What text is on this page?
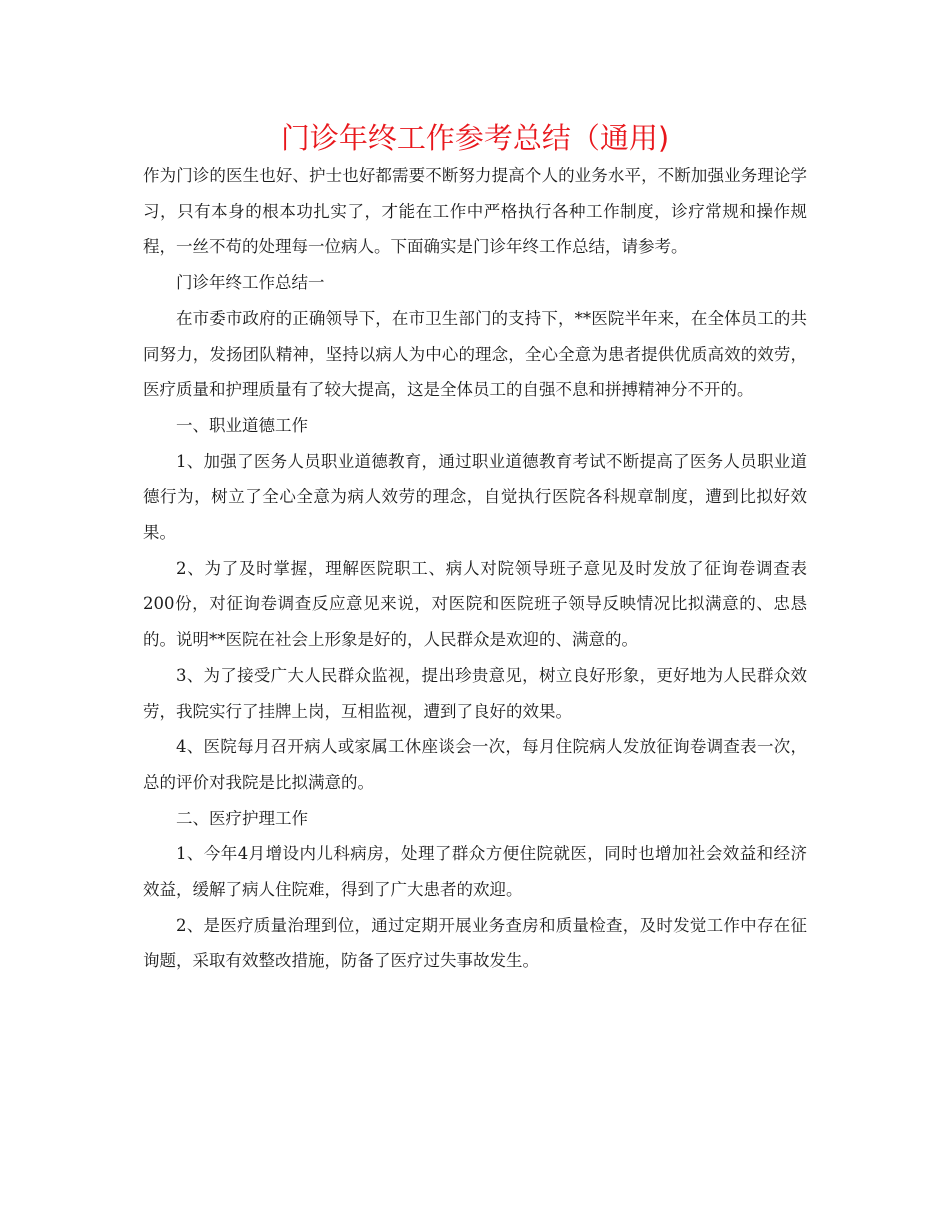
门诊年终工作参考总结（通用)

作为门诊的医生也好、护士也好都需要不断努力提高个人的业务水平，不断加强业务理论学习，只有本身的根本功扎实了，才能在工作中严格执行各种工作制度，诊疗常规和操作规程，一丝不苟的处理每一位病人。下面确实是门诊年终工作总结，请参考。

门诊年终工作总结一

在市委市政府的正确领导下，在市卫生部门的支持下，**医院半年来，在全体员工的共同努力，发扬团队精神，坚持以病人为中心的理念，全心全意为患者提供优质高效的效劳，医疗质量和护理质量有了较大提高，这是全体员工的自强不息和拼搏精神分不开的。

一、职业道德工作

1、加强了医务人员职业道德教育，通过职业道德教育考试不断提高了医务人员职业道德行为，树立了全心全意为病人效劳的理念，自觉执行医院各科规章制度，遭到比拟好效果。

2、为了及时掌握，理解医院职工、病人对院领导班子意见及时发放了征询卷调查表200份，对征询卷调查反应意见来说，对医院和医院班子领导反映情况比拟满意的、忠恳的。说明**医院在社会上形象是好的，人民群众是欢迎的、满意的。

3、为了接受广大人民群众监视，提出珍贵意见，树立良好形象，更好地为人民群众效劳，我院实行了挂牌上岗，互相监视，遭到了良好的效果。

4、医院每月召开病人或家属工休座谈会一次，每月住院病人发放征询卷调查表一次，总的评价对我院是比拟满意的。

二、医疗护理工作

1、今年4月增设内儿科病房，处理了群众方便住院就医，同时也增加社会效益和经济效益，缓解了病人住院难，得到了广大患者的欢迎。

2、是医疗质量治理到位，通过定期开展业务查房和质量检查，及时发觉工作中存在征询题，采取有效整改措施，防备了医疗过失事故发生。
